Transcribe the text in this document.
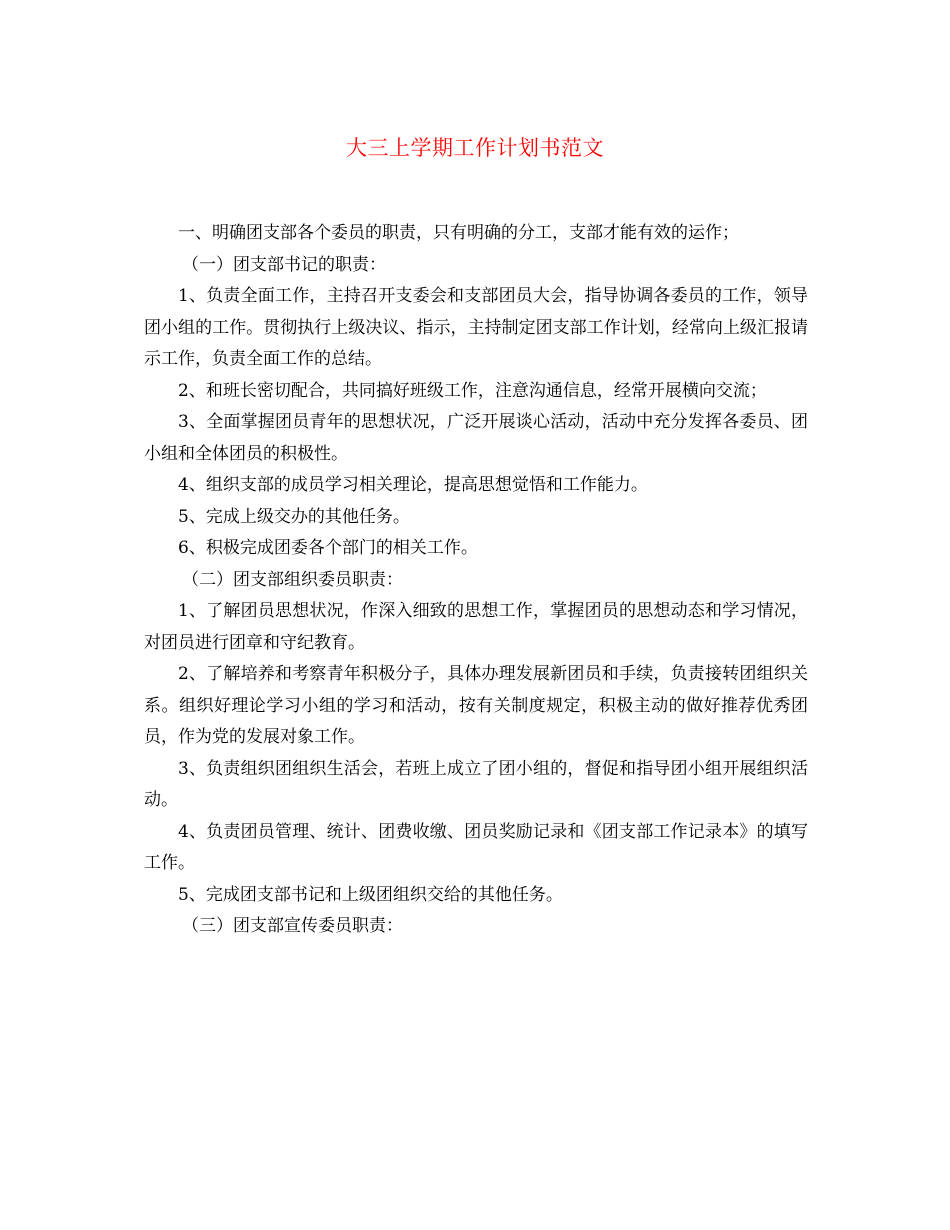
大三上学期工作计划书范文

一、明确团支部各个委员的职责，只有明确的分工，支部才能有效的运作；

（一）团支部书记的职责：

1、负责全面工作，主持召开支委会和支部团员大会，指导协调各委员的工作，领导团小组的工作。贯彻执行上级决议、指示，主持制定团支部工作计划，经常向上级汇报请示工作，负责全面工作的总结。

2、和班长密切配合，共同搞好班级工作，注意沟通信息，经常开展横向交流；

3、全面掌握团员青年的思想状况，广泛开展谈心活动，活动中充分发挥各委员、团小组和全体团员的积极性。

4、组织支部的成员学习相关理论，提高思想觉悟和工作能力。

5、完成上级交办的其他任务。

6、积极完成团委各个部门的相关工作。

（二）团支部组织委员职责：

1、了解团员思想状况，作深入细致的思想工作，掌握团员的思想动态和学习情况，对团员进行团章和守纪教育。

2、了解培养和考察青年积极分子，具体办理发展新团员和手续，负责接转团组织关系。组织好理论学习小组的学习和活动，按有关制度规定，积极主动的做好推荐优秀团员，作为党的发展对象工作。

3、负责组织团组织生活会，若班上成立了团小组的，督促和指导团小组开展组织活动。

4、负责团员管理、统计、团费收缴、团员奖励记录和《团支部工作记录本》的填写工作。

5、完成团支部书记和上级团组织交给的其他任务。

（三）团支部宣传委员职责：
